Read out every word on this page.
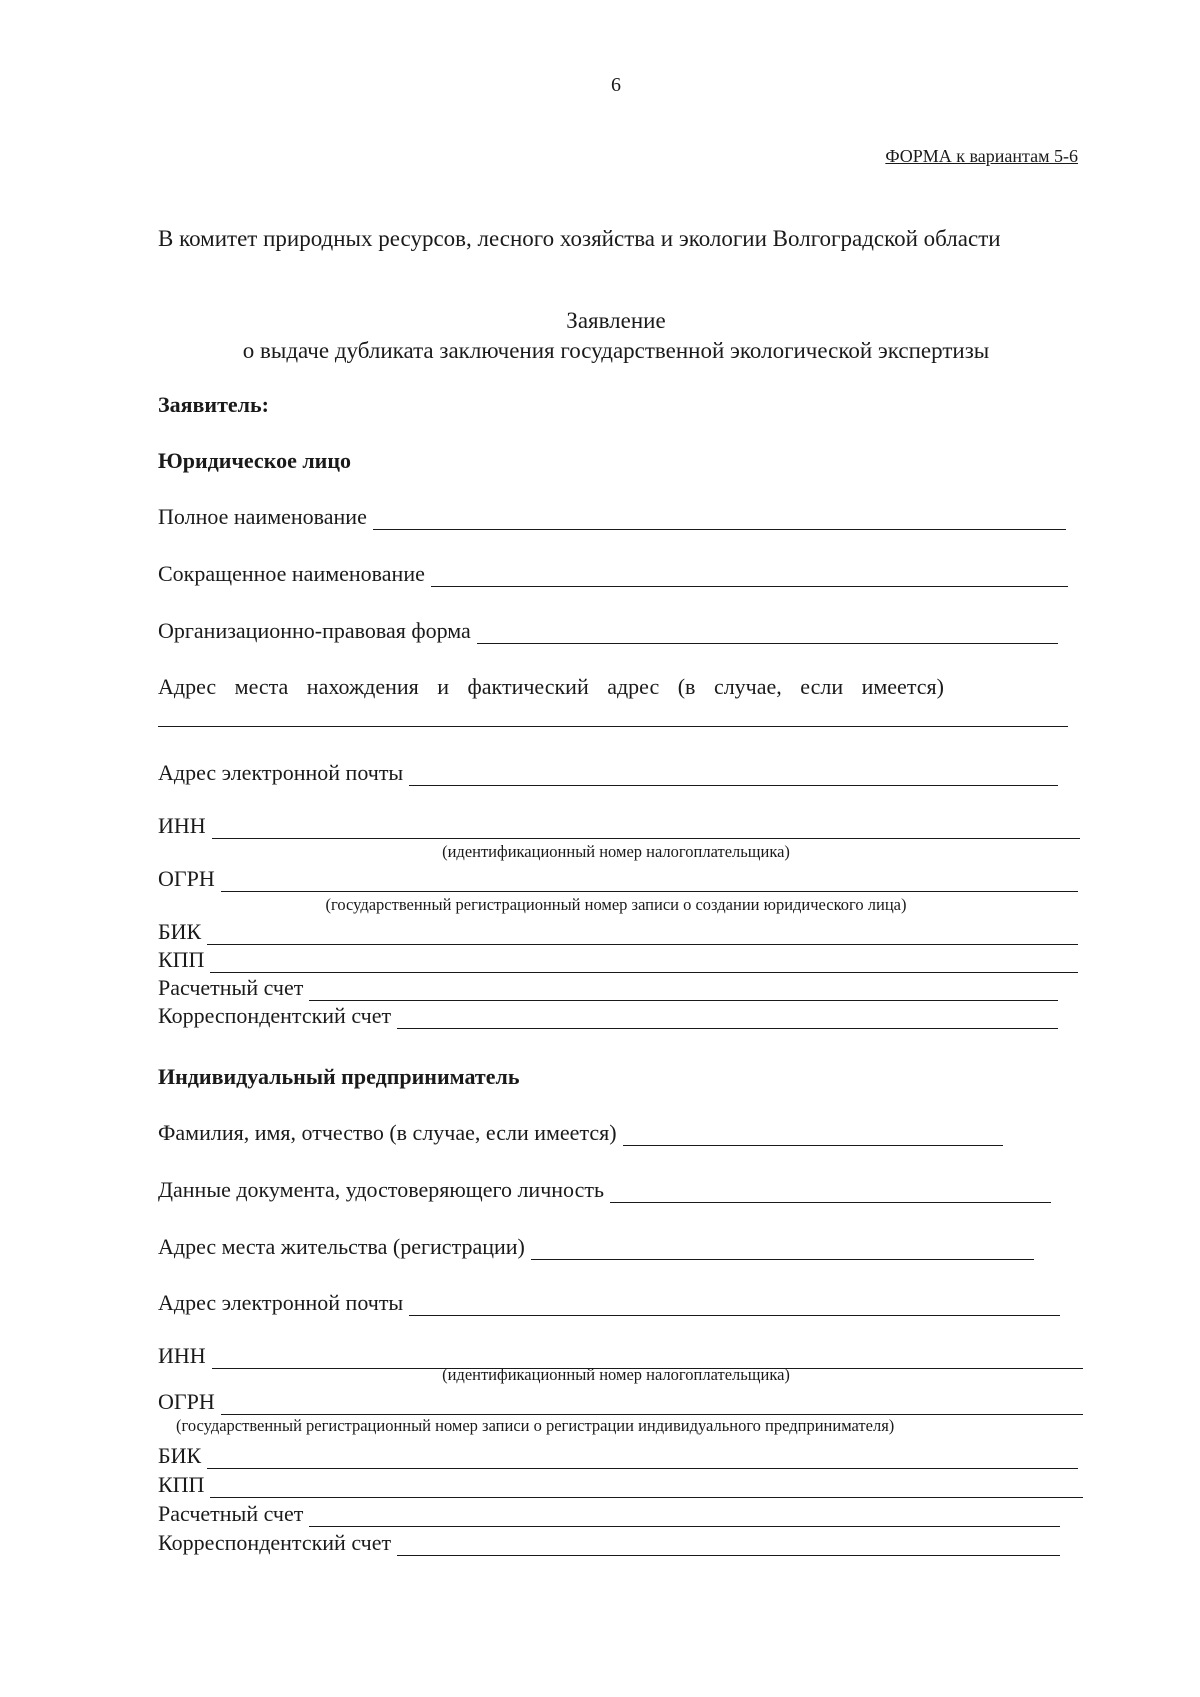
6
ФОРМА к вариантам 5-6
В комитет природных ресурсов, лесного хозяйства и экологии Волгоградской области
Заявление
о выдаче дубликата заключения государственной экологической экспертизы
Заявитель:
Юридическое лицо
Полное наименование
Сокращенное наименование
Организационно-правовая форма
Адрес места нахождения и фактический адрес (в случае, если имеется)
Адрес электронной почты
ИНН
(идентификационный номер налогоплательщика)
ОГРН
(государственный регистрационный номер записи о создании юридического лица)
БИК
КПП
Расчетный счет
Корреспондентский счет
Индивидуальный предприниматель
Фамилия, имя, отчество (в случае, если имеется)
Данные документа, удостоверяющего личность
Адрес места жительства (регистрации)
Адрес электронной почты
ИНН
(идентификационный номер налогоплательщика)
ОГРН
(государственный регистрационный номер записи о регистрации индивидуального предпринимателя)
БИК
КПП
Расчетный счет
Корреспондентский счет
